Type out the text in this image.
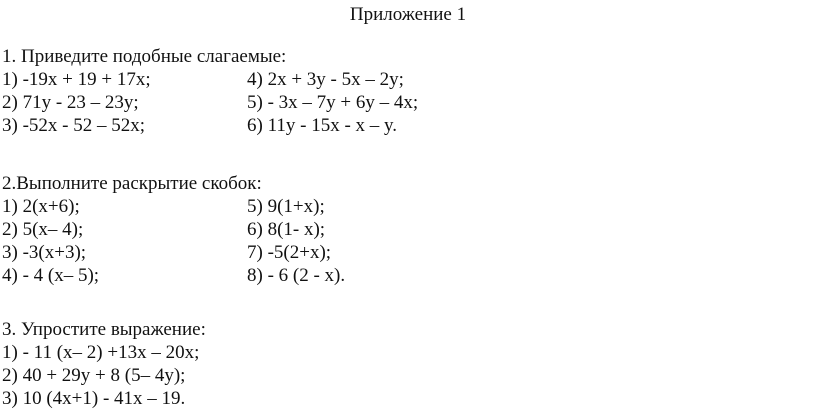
Приложение 1
1. Приведите подобные слагаемые:
1) -19x + 19 + 17x;	4) 2x + 3y - 5x – 2y;
2) 71y - 23 – 23y;	5) - 3x – 7y + 6y – 4x;
3) -52x - 52 – 52x;	6) 11y - 15x - x – y.
2.Выполните раскрытие скобок:
1) 2(x+6);	5) 9(1+x);
2) 5(x– 4);	6) 8(1- x);
3) -3(x+3);	7) -5(2+x);
4) - 4 (x– 5);	8) - 6 (2 - x).
3. Упростите выражение:
1) - 11 (x– 2) +13x – 20x;
2) 40 + 29y + 8 (5– 4y);
3) 10 (4x+1) - 41x – 19.
